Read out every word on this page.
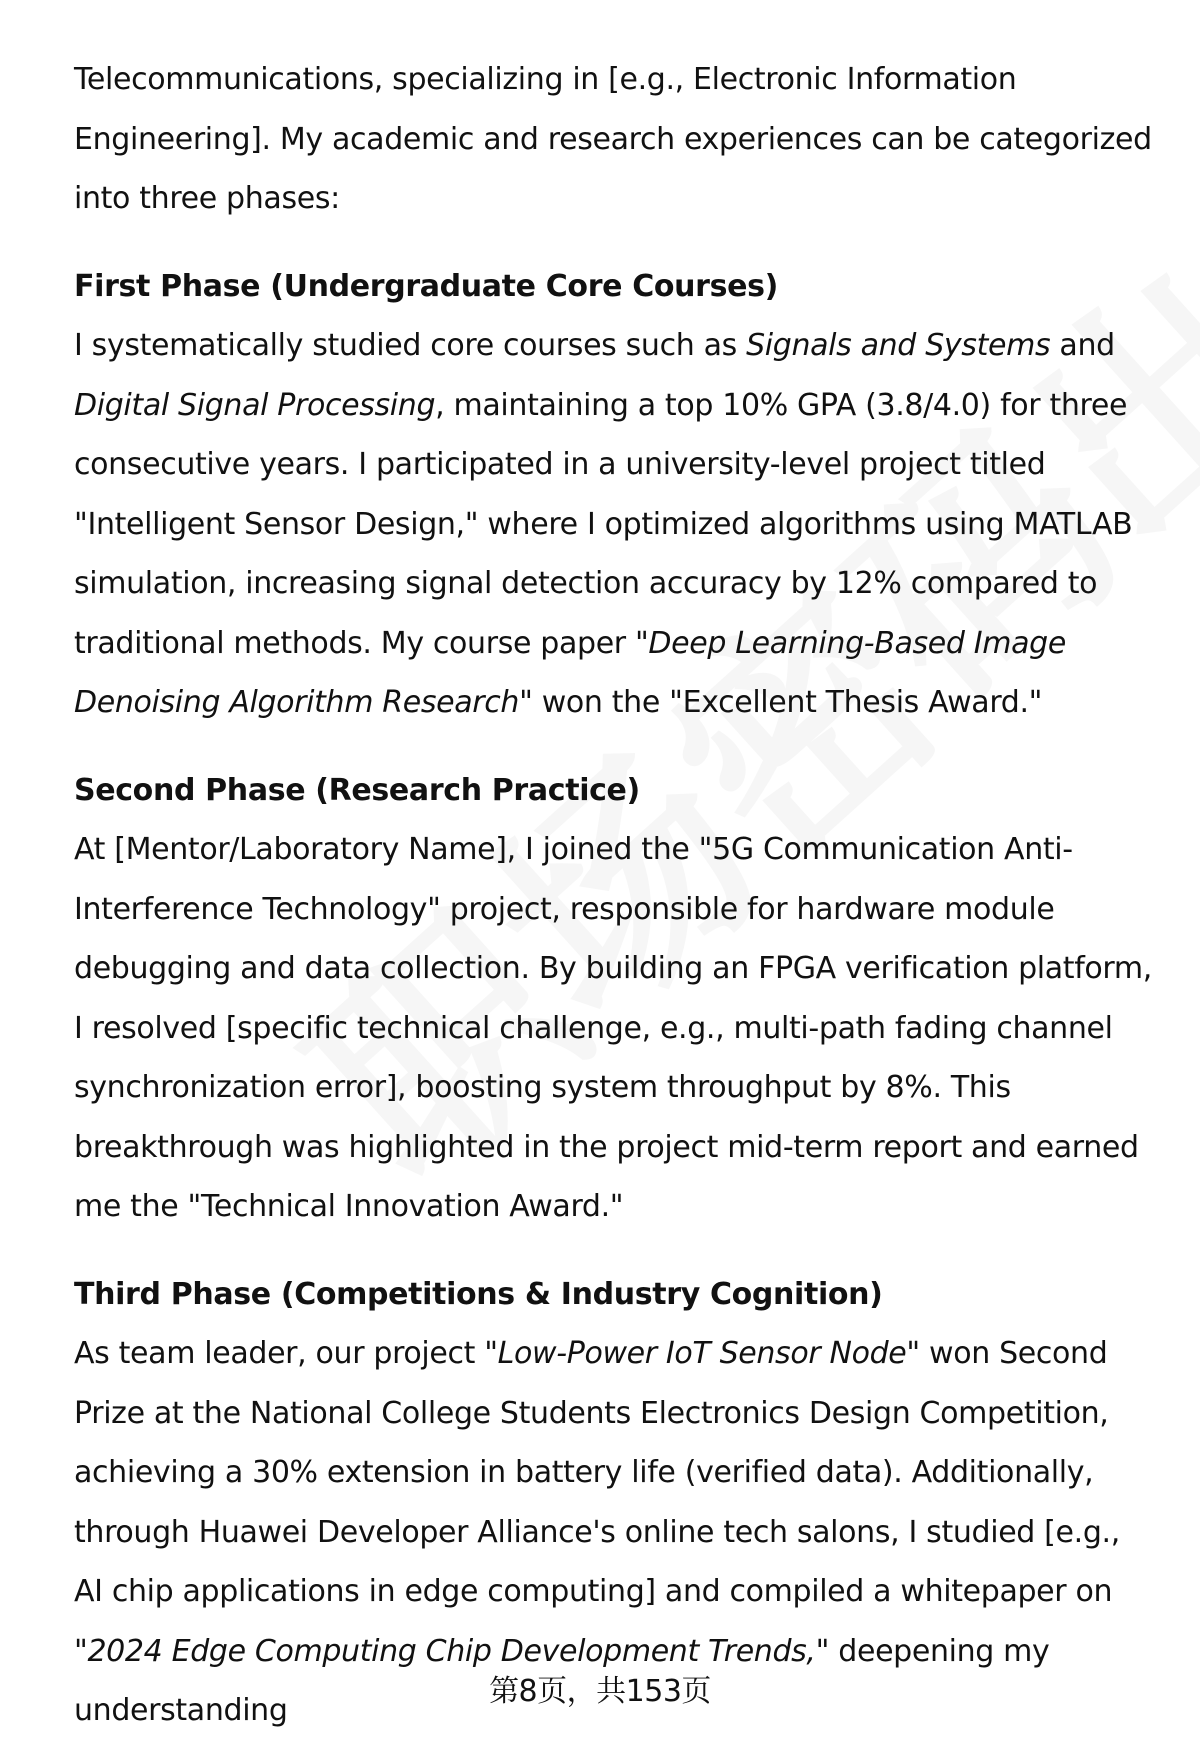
Telecommunications, specializing in [e.g., Electronic Information Engineering]. My academic and research experiences can be categorized into three phases:

First Phase (Undergraduate Core Courses)

I systematically studied core courses such as Signals and Systems and Digital Signal Processing, maintaining a top 10% GPA (3.8/4.0) for three consecutive years. I participated in a university-level project titled "Intelligent Sensor Design," where I optimized algorithms using MATLAB simulation, increasing signal detection accuracy by 12% compared to traditional methods. My course paper "Deep Learning-Based Image Denoising Algorithm Research" won the "Excellent Thesis Award."

Second Phase (Research Practice)

At [Mentor/Laboratory Name], I joined the "5G Communication Anti-Interference Technology" project, responsible for hardware module debugging and data collection. By building an FPGA verification platform, I resolved [specific technical challenge, e.g., multi-path fading channel synchronization error], boosting system throughput by 8%. This breakthrough was highlighted in the project mid-term report and earned me the "Technical Innovation Award."

Third Phase (Competitions & Industry Cognition)

As team leader, our project "Low-Power IoT Sensor Node" won Second Prize at the National College Students Electronics Design Competition, achieving a 30% extension in battery life (verified data). Additionally, through Huawei Developer Alliance's online tech salons, I studied [e.g., AI chip applications in edge computing] and compiled a whitepaper on "2024 Edge Computing Chip Development Trends," deepening my understanding

第8页，共153页
